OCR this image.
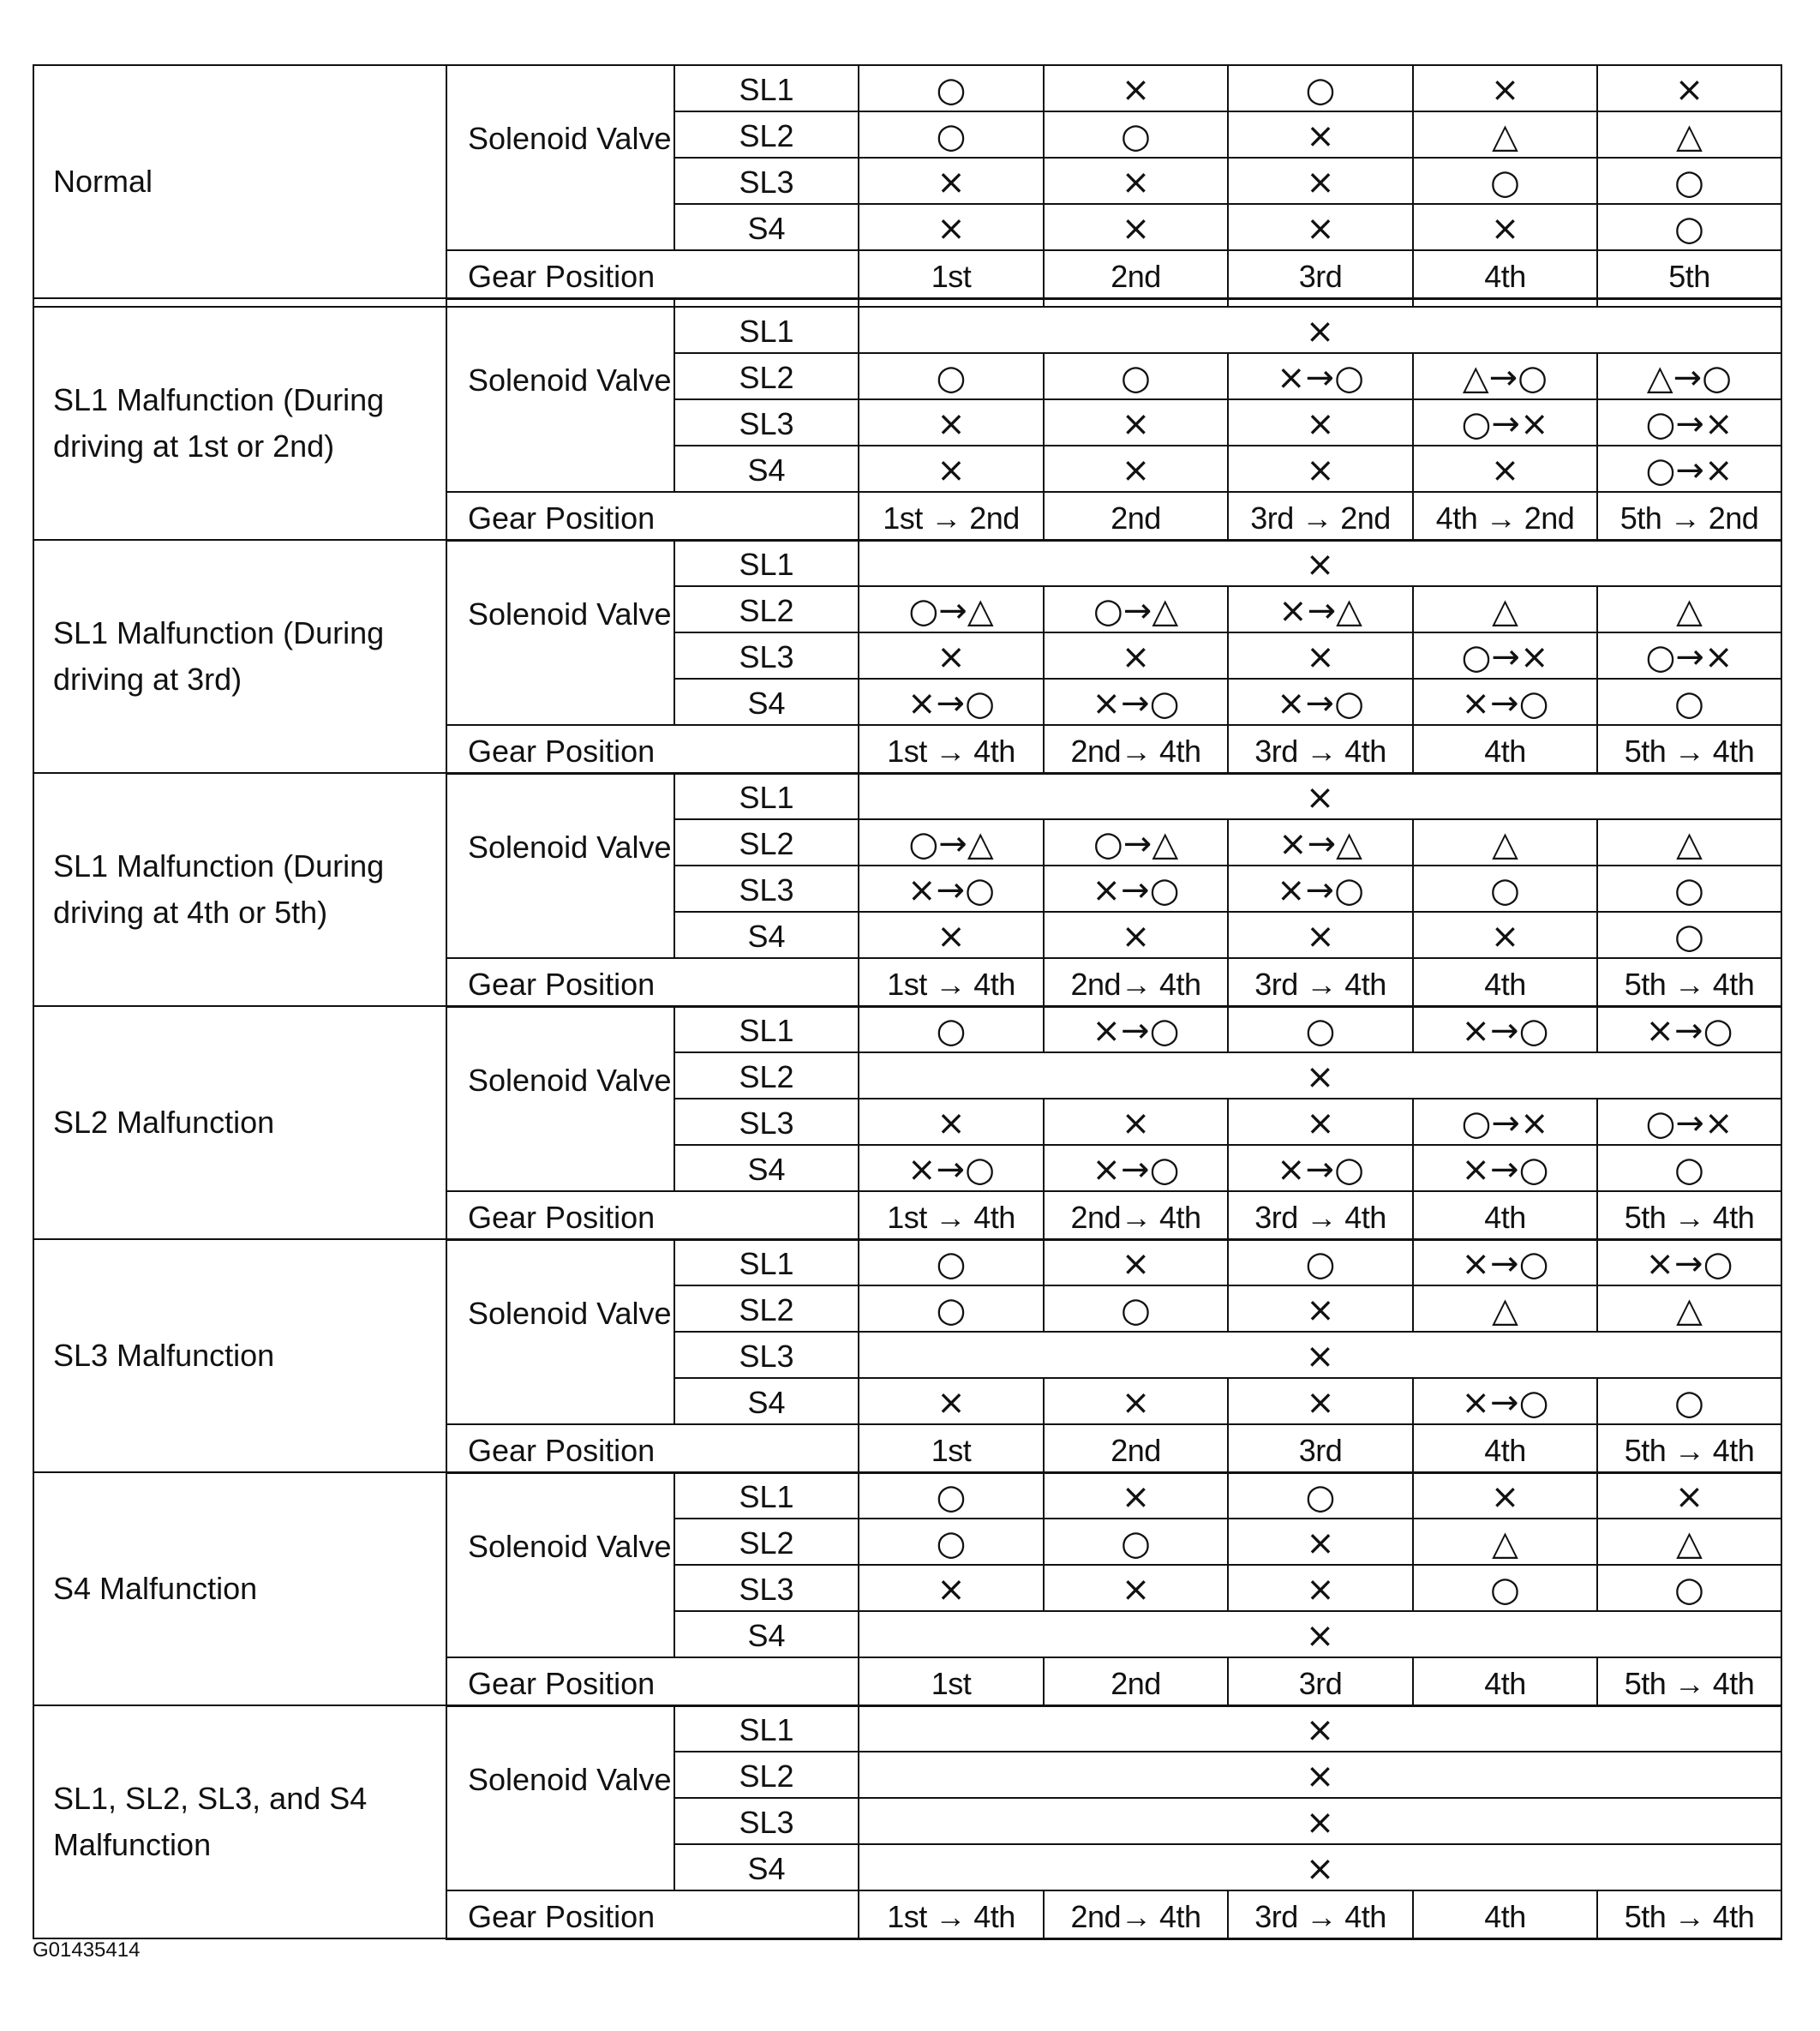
Normal	Solenoid Valve	SL1	○	×	○	×	×
		SL2	○	○	×	△	△
		SL3	×	×	×	○	○
		S4	×	×	×	×	○
	Gear Position		1st	2nd	3rd	4th	5th

SL1 Malfunction (During driving at 1st or 2nd)	Solenoid Valve	SL1	×				
		SL2	○	○	×→○	△→○	△→○
		SL3	×	×	×	○→×	○→×
		S4	×	×	×	×	○→×
	Gear Position		1st → 2nd	2nd	3rd → 2nd	4th → 2nd	5th → 2nd
SL1 Malfunction (During driving at 3rd)	Solenoid Valve	SL1	×				
		SL2	○→△	○→△	×→△	△	△
		SL3	×	×	×	○→×	○→×
		S4	×→○	×→○	×→○	×→○	○
	Gear Position		1st → 4th	2nd→ 4th	3rd → 4th	4th	5th → 4th
SL1 Malfunction (During driving at 4th or 5th)	Solenoid Valve	SL1	×				
		SL2	○→△	○→△	×→△	△	△
		SL3	×→○	×→○	×→○	○	○
		S4	×	×	×	×	○
	Gear Position		1st → 4th	2nd→ 4th	3rd → 4th	4th	5th → 4th
SL2 Malfunction	Solenoid Valve	SL1	○	×→○	○	×→○	×→○
		SL2	×				
		SL3	×	×	×	○→×	○→×
		S4	×→○	×→○	×→○	×→○	○
	Gear Position		1st → 4th	2nd→ 4th	3rd → 4th	4th	5th → 4th
SL3 Malfunction	Solenoid Valve	SL1	○	×	○	×→○	×→○
		SL2	○	○	×	△	△
		SL3	×				
		S4	×	×	×	×→○	○
	Gear Position		1st	2nd	3rd	4th	5th → 4th
S4 Malfunction	Solenoid Valve	SL1	○	×	○	×	×
		SL2	○	○	×	△	△
		SL3	×	×	×	○	○
		S4	×				
	Gear Position		1st	2nd	3rd	4th	5th → 4th
SL1, SL2, SL3, and S4 Malfunction	Solenoid Valve	SL1	×				
		SL2	×				
		SL3	×				
		S4	×				
	Gear Position		1st → 4th	2nd→ 4th	3rd → 4th	4th	5th → 4th
G01435414
